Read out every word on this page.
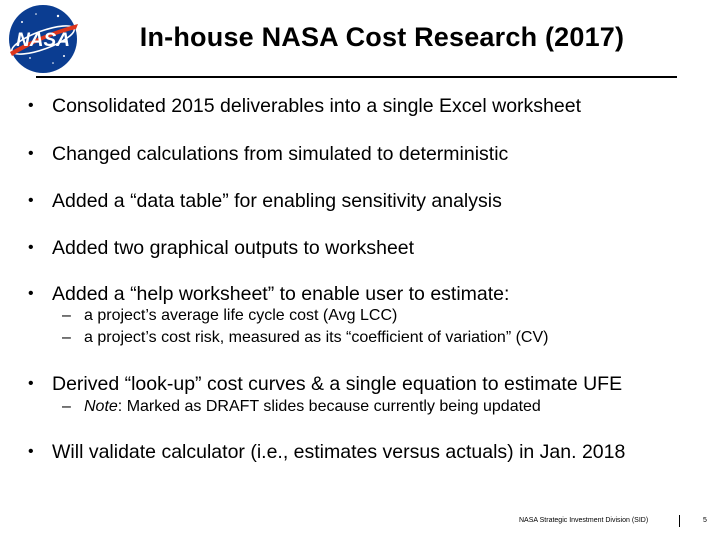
NASA	In-house NASA Cost Research (2017)
• Consolidated 2015 deliverables into a single Excel worksheet
• Changed calculations from simulated to deterministic
• Added a “data table” for enabling sensitivity analysis
• Added two graphical outputs to worksheet
• Added a “help worksheet” to enable user to estimate:
– a project’s average life cycle cost (Avg LCC)
– a project’s cost risk, measured as its “coefficient of variation” (CV)
• Derived “look-up” cost curves & a single equation to estimate UFE
– Note: Marked as DRAFT slides because currently being updated
• Will validate calculator (i.e., estimates versus actuals) in Jan. 2018
NASA Strategic Investment Division (SID)	5
